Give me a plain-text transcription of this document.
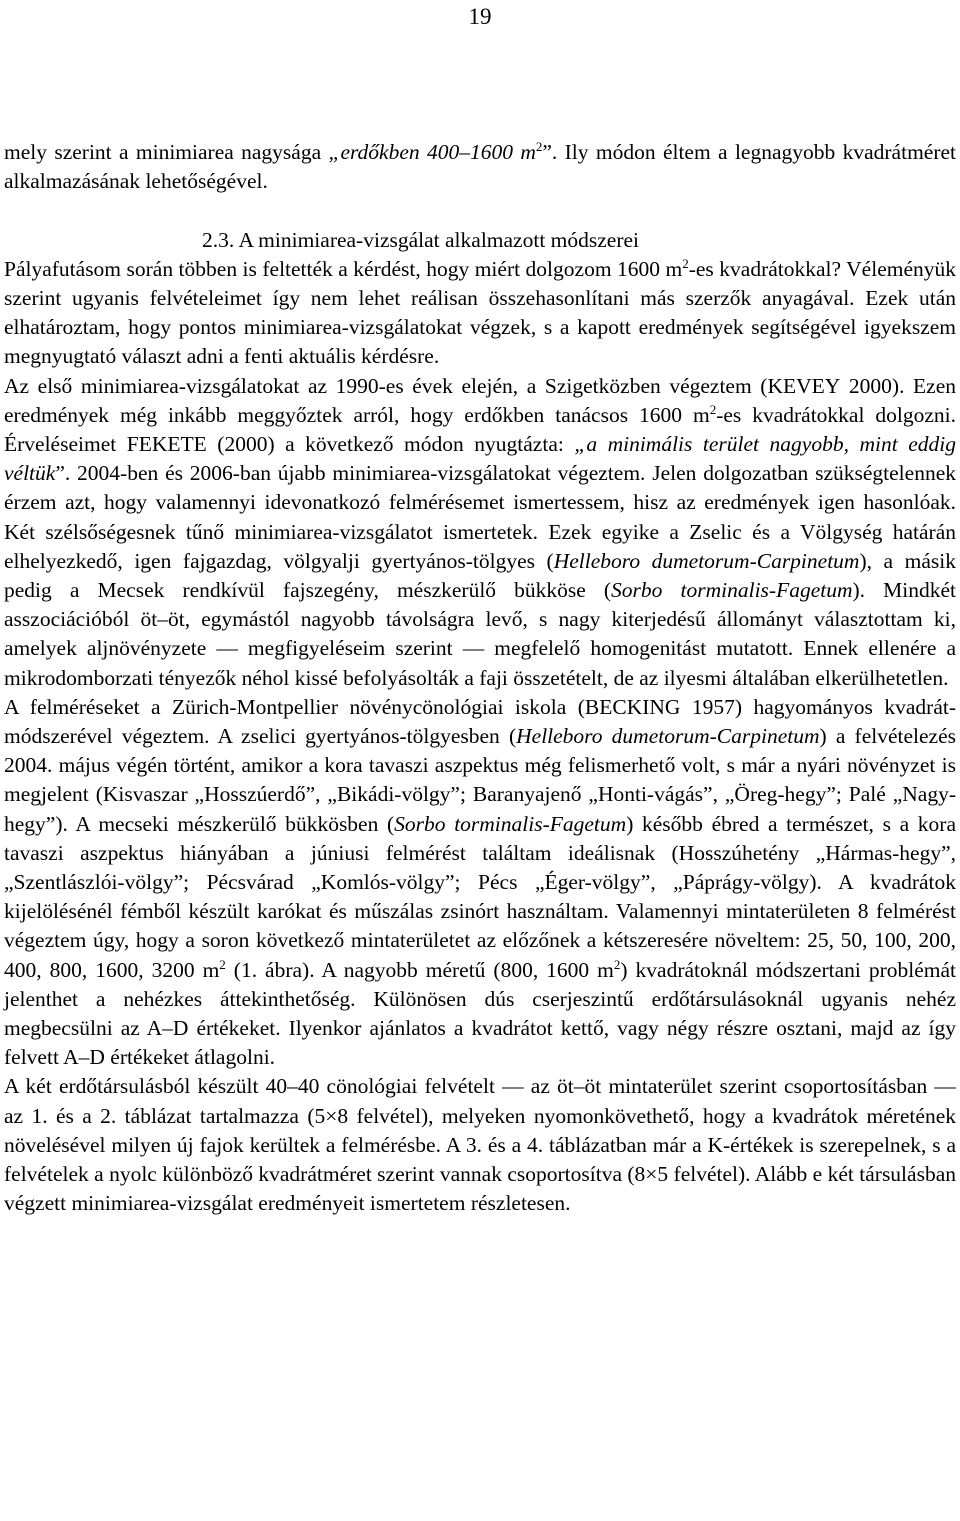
19

mely szerint a minimiarea nagysága „erdőkben 400–1600 $m^2$”. Ily módon éltem a legnagyobb kvadrátméret alkalmazásának lehetőségével.

2.3. A minimiarea-vizsgálat alkalmazott módszerei

Pályafutásom során többen is feltették a kérdést, hogy miért dolgozom 1600 $m^2-es$ kvadrátokkal? Véleményük szerint ugyanis felvételeimet így nem lehet reálisan összehasonlítani más szerzők anyagával. Ezek után elhatároztam, hogy pontos minimiarea-vizsgálatokat végzek, s a kapott eredmények segítségével igyekszem megnyugtató választ adni a fenti aktuális kérdésre.

Az első minimiarea-vizsgálatokat az 1990-es évek elején, a Szigetközben végeztem (KEVEY 2000). Ezen eredmények még inkább meggyőztek arról, hogy erdőkben tanácsos 1600 $m^2-es$ kvadrátokkal dolgozni. Érveléseimet FEKETE (2000) a következő módon nyugtázta: „a minimális terület nagyobb, mint eddig véltük”. 2004-ben és 2006-ban újabb minimiarea-vizsgálatokat végeztem. Jelen dolgozatban szükségtelennek érzem azt, hogy valamennyi idevonatkozó felmérésemet ismertessem, hisz az eredmények igen hasonlóak. Két szélsőségesnek tűnő minimiarea-vizsgálatot ismertetek. Ezek egyike a Zselic és a Völgység határán elhelyezkedő, igen fajgazdag, völgyalji gyertyános-tölgyes (Helleboro dumetorum-Carpinetum), a másik pedig a Mecsek rendkívül fajszegény, mészkerülő bükköse (Sorbo torminalis-Fagetum). Mindkét asszociációból öt–öt, egymástól nagyobb távolságra levő, s nagy kiterjedésű állományt választottam ki, amelyek aljnövényzete — megfigyeléseim szerint — megfelelő homogenitást mutatott. Ennek ellenére a mikrodomborzati tényezők néhol kissé befolyásolták a faji összetételt, de az ilyesmi általában elkerülhetetlen.

A felméréseket a Zürich-Montpellier növénycönológiai iskola (BECKING 1957) hagyományos kvadrát-módszerével végeztem. A zselici gyertyános-tölgyesben (Helleboro dumetorum-Carpinetum) a felvételezés 2004. május végén történt, amikor a kora tavaszi aszpektus még felismerhető volt, s már a nyári növényzet is megjelent (Kisvaszar „Hosszúerdő”, „Bikádi-völgy”; Baranyajenő „Honti-vágás”, „Öreg-hegy”; Palé „Nagy-hegy”). A mecseki mészkerülő bükkösben (Sorbo torminalis-Fagetum) később ébred a természet, s a kora tavaszi aszpektus hiányában a júniusi felmérést találtam ideálisnak (Hosszúhetény „Hármas-hegy”, „Szentlászlói-völgy”; Pécsvárad „Komlós-völgy”; Pécs „Éger-völgy”, „Páprágy-völgy). A kvadrátok kijelölésénél fémből készült karókat és műszálas zsinórt használtam. Valamennyi mintaterületen 8 felmérést végeztem úgy, hogy a soron következő mintaterületet az előzőnek a kétszeresére növeltem: 25, 50, 100, 200, 400, 800, 1600, 3200 $m^2$ (1. ábra). A nagyobb méretű (800, 1600 $m^2$) kvadrátoknál módszertani problémát jelenthet a nehézkes áttekinthetőség. Különösen dús cserjeszintű erdőtársulásoknál ugyanis nehéz megbecsülni az A–D értékeket. Ilyenkor ajánlatos a kvadrátot kettő, vagy négy részre osztani, majd az így felvett A–D értékeket átlagolni.

A két erdőtársulásból készült 40–40 cönológiai felvételt — az öt–öt mintaterület szerint csoportosításban — az 1. és a 2. táblázat tartalmazza (5×8 felvétel), melyeken nyomonkövethető, hogy a kvadrátok méretének növelésével milyen új fajok kerültek a felmérésbe. A 3. és a 4. táblázatban már a K-értékek is szerepelnek, s a felvételek a nyolc különböző kvadrátméret szerint vannak csoportosítva (8×5 felvétel). Alább e két társulásban végzett minimiarea-vizsgálat eredményeit ismertetem részletesen.
